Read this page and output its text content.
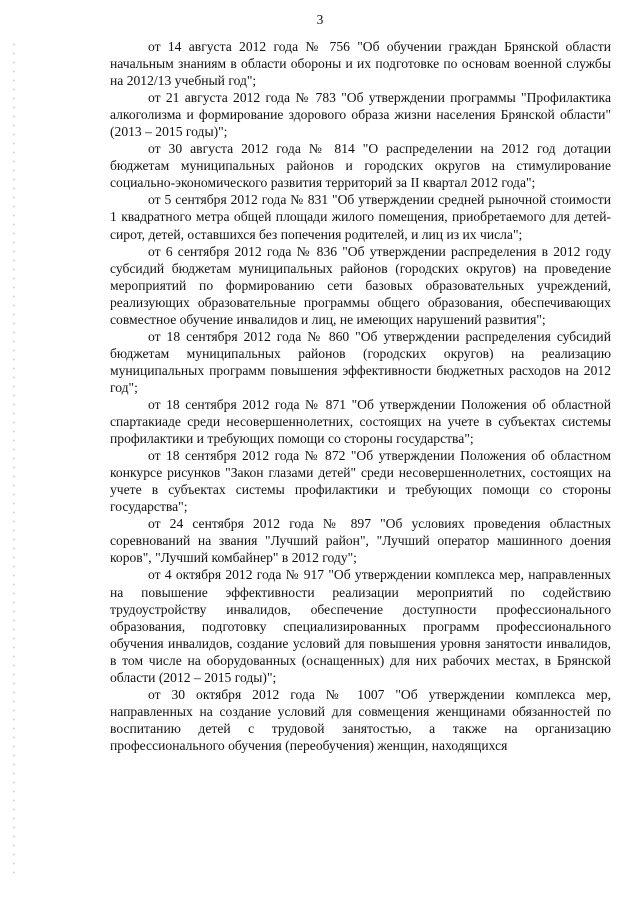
3

от 14 августа 2012 года № 756 "Об обучении граждан Брянской области начальным знаниям в области обороны и их подготовке по основам военной службы на 2012/13 учебный год";

от 21 августа 2012 года № 783 "Об утверждении программы "Профилактика алкоголизма и формирование здорового образа жизни населения Брянской области" (2013 – 2015 годы)";

от 30 августа 2012 года № 814 "О распределении на 2012 год дотации бюджетам муниципальных районов и городских округов на стимулирование социально-экономического развития территорий за II квартал 2012 года";

от 5 сентября 2012 года № 831 "Об утверждении средней рыночной стоимости 1 квадратного метра общей площади жилого помещения, приобретаемого для детей-сирот, детей, оставшихся без попечения родителей, и лиц из их числа";

от 6 сентября 2012 года № 836 "Об утверждении распределения в 2012 году субсидий бюджетам муниципальных районов (городских округов) на проведение мероприятий по формированию сети базовых образовательных учреждений, реализующих образовательные программы общего образования, обеспечивающих совместное обучение инвалидов и лиц, не имеющих нарушений развития";

от 18 сентября 2012 года № 860 "Об утверждении распределения субсидий бюджетам муниципальных районов (городских округов) на реализацию муниципальных программ повышения эффективности бюджетных расходов на 2012 год";

от 18 сентября 2012 года № 871 "Об утверждении Положения об областной спартакиаде среди несовершеннолетних, состоящих на учете в субъектах системы профилактики и требующих помощи со стороны государства";

от 18 сентября 2012 года № 872 "Об утверждении Положения об областном конкурсе рисунков "Закон глазами детей" среди несовершеннолетних, состоящих на учете в субъектах системы профилактики и требующих помощи со стороны государства";

от 24 сентября 2012 года № 897 "Об условиях проведения областных соревнований на звания "Лучший район", "Лучший оператор машинного доения коров", "Лучший комбайнер" в 2012 году";

от 4 октября 2012 года № 917 "Об утверждении комплекса мер, направленных на повышение эффективности реализации мероприятий по содействию трудоустройству инвалидов, обеспечение доступности профессионального образования, подготовку специализированных программ профессионального обучения инвалидов, создание условий для повышения уровня занятости инвалидов, в том числе на оборудованных (оснащенных) для них рабочих местах, в Брянской области (2012 – 2015 годы)";

от 30 октября 2012 года № 1007 "Об утверждении комплекса мер, направленных на создание условий для совмещения женщинами обязанностей по воспитанию детей с трудовой занятостью, а также на организацию профессионального обучения (переобучения) женщин, находящихся
